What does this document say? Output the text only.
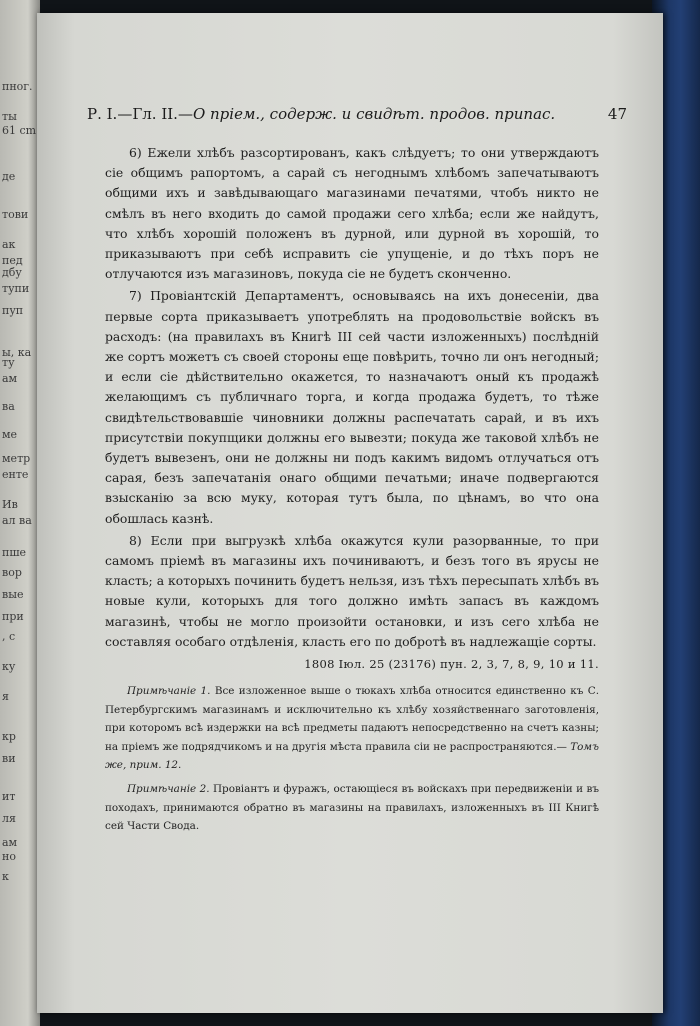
пног.
ты
61 cm
де
тови
ак
пед
дбу
тупи
пуп
ы, ка
ту
ам
ва
ме
метр
енте
Ив
ал ва
пше
вор
вые
при
, с
ку
я
кр
ви
ит
ля
ам
но
к
Р. I.—Гл. II.—О прiем., содерж. и свидѣт. продов. припас.	47

6) Ежели хлѣбъ разсортированъ, какъ слѣдуетъ; то они утверждаютъ сiе общимъ рапортомъ, а сарай съ негоднымъ хлѣбомъ запечатываютъ общими ихъ и завѣдывающаго магазинами печатями, чтобъ никто не смѣлъ въ него входить до самой продажи сего хлѣба; если же найдутъ, что хлѣбъ хорошiй положенъ въ дурной, или дурной въ хорошiй, то приказываютъ при себѣ исправить сiе упущенiе, и до тѣхъ поръ не отлучаются изъ магазиновъ, покуда сiе не будетъ сконченно.

7) Провiантскiй Департаментъ, основываясь на ихъ донесенiи, два первые сорта приказываетъ употреблять на продовольствiе войскъ въ расходъ: (на правилахъ въ Книгѣ III сей части изложенныхъ) послѣднiй же сортъ можетъ съ своей стороны еще повѣрить, точно ли онъ негодный; и если сiе дѣйствительно окажется, то назначаютъ оный къ продажѣ желающимъ съ публичнаго торга, и когда продажа будетъ, то тѣже свидѣтельствовавшiе чиновники должны распечатать сарай, и въ ихъ присутствiи покупщики должны его вывезти; покуда же таковой хлѣбъ не будетъ вывезенъ, они не должны ни подъ какимъ видомъ отлучаться отъ сарая, безъ запечатанiя онаго общими печатьми; иначе подвергаются взысканiю за всю муку, которая тутъ была, по цѣнамъ, во что она обошлась казнѣ.

8) Если при выгрузкѣ хлѣба окажутся кули разорванные, то при самомъ прiемѣ въ магазины ихъ починиваютъ, и безъ того въ ярусы не класть; а которыхъ починить будетъ нельзя, изъ тѣхъ пересыпать хлѣбъ въ новые кули, которыхъ для того должно имѣть запасъ въ каждомъ магазинѣ, чтобы не могло произойти остановки, и изъ сего хлѣба не составляя особаго отдѣленiя, класть его по добротѣ въ надлежащiе сорты.

1808 Iюл. 25 (23176) пун. 2, 3, 7, 8, 9, 10 и 11.

Примѣчанiе 1. Все изложенное выше о тюкахъ хлѣба относится единственно къ С. Петербургскимъ магазинамъ и исключительно къ хлѣбу хозяйственнаго заготовленiя, при которомъ всѣ издержки на всѣ предметы падаютъ непосредственно на счетъ казны; на прiемъ же подрядчикомъ и на другiя мѣста правила сiи не распространяются.— Томъ же, прим. 12.

Примѣчанiе 2. Провiантъ и фуражъ, остающiеся въ войскахъ при передвиженiи и въ походахъ, принимаются обратно въ магазины на правилахъ, изложенныхъ въ III Книгѣ сей Части Свода.
